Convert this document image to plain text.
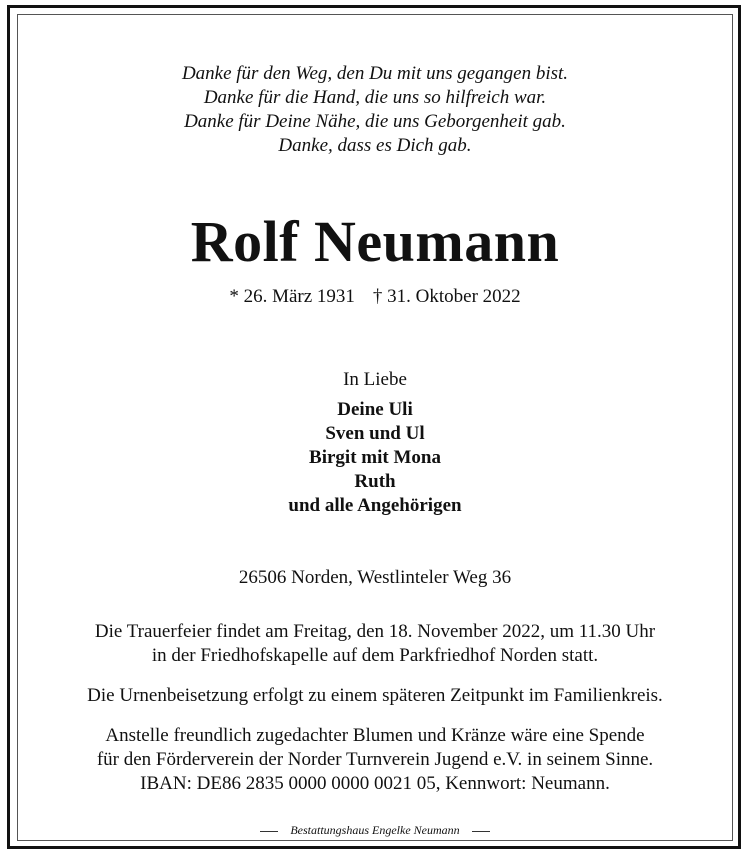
Danke für den Weg, den Du mit uns gegangen bist.
Danke für die Hand, die uns so hilfreich war.
Danke für Deine Nähe, die uns Geborgenheit gab.
Danke, dass es Dich gab.
Rolf Neumann
* 26. März 1931 † 31. Oktober 2022
In Liebe
Deine Uli
Sven und Ul
Birgit mit Mona
Ruth
und alle Angehörigen
26506 Norden, Westlinteler Weg 36
Die Trauerfeier findet am Freitag, den 18. November 2022, um 11.30 Uhr
in der Friedhofskapelle auf dem Parkfriedhof Norden statt.
Die Urnenbeisetzung erfolgt zu einem späteren Zeitpunkt im Familienkreis.
Anstelle freundlich zugedachter Blumen und Kränze wäre eine Spende
für den Förderverein der Norder Turnverein Jugend e.V. in seinem Sinne.
IBAN: DE86 2835 0000 0000 0021 05, Kennwort: Neumann.
Bestattungshaus Engelke Neumann
